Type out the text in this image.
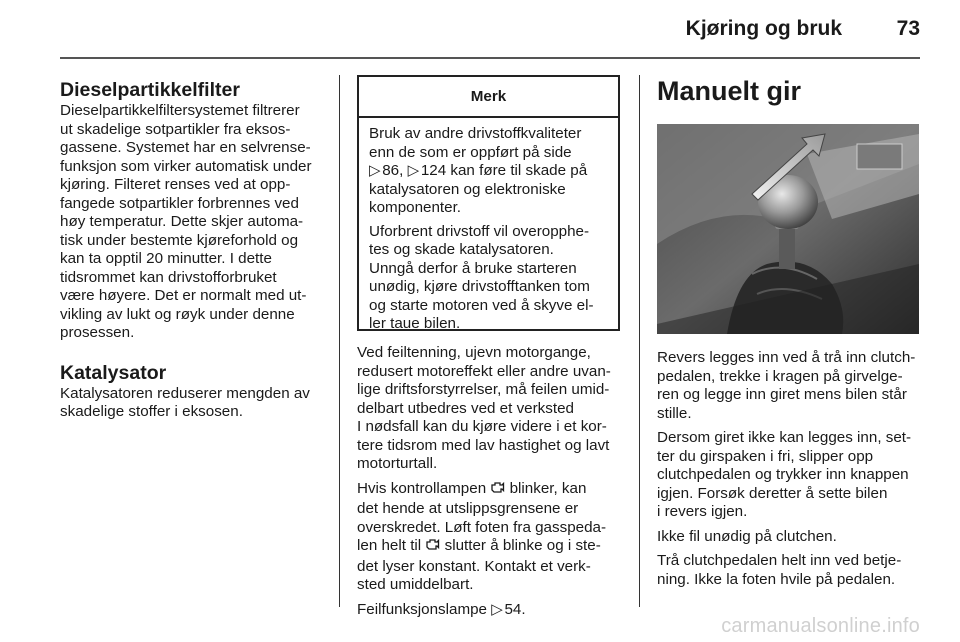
Kjøring og bruk	73
Dieselpartikkelfilter

Dieselpartikkelfiltersystemet filtrerer
ut skadelige sotpartikler fra eksos-
gassene. Systemet har en selvrense-
funksjon som virker automatisk under
kjøring. Filteret renses ved at opp-
fangede sotpartikler forbrennes ved
høy temperatur. Dette skjer automa-
tisk under bestemte kjøreforhold og
kan ta opptil 20 minutter. I dette
tidsrommet kan drivstofforbruket
være høyere. Det er normalt med ut-
vikling av lukt og røyk under denne
prosessen.

Katalysator

Katalysatoren reduserer mengden av
skadelige stoffer i eksosen.

Merk

Bruk av andre drivstoffkvaliteter
enn de som er oppført på side
▷ 86, ▷ 124 kan føre til skade på
katalysatoren og elektroniske
komponenter.

Uforbrent drivstoff vil overopphe-
tes og skade katalysatoren.
Unngå derfor å bruke starteren
unødig, kjøre drivstofftanken tom
og starte motoren ved å skyve el-
ler taue bilen.

Ved feiltenning, ujevn motorgange,
redusert motoreffekt eller andre uvan-
lige driftsforstyrrelser, må feilen umid-
delbart utbedres ved et verksted
I nødsfall kan du kjøre videre i et kor-
tere tidsrom med lav hastighet og lavt
motorturtall.

Hvis kontrollampen  blinker, kan
det hende at utslippsgrensene er
overskredet. Løft foten fra gasspeda-
len helt til  slutter å blinke og i ste-
det lyser konstant. Kontakt et verk-
sted umiddelbart.

Feilfunksjonslampe ▷ 54.

Manuelt gir

Revers legges inn ved å trå inn clutch-
pedalen, trekke i kragen på girvelge-
ren og legge inn giret mens bilen står
stille.

Dersom giret ikke kan legges inn, set-
ter du girspaken i fri, slipper opp
clutchpedalen og trykker inn knappen
igjen. Forsøk deretter å sette bilen
i revers igjen.

Ikke fil unødig på clutchen.

Trå clutchpedalen helt inn ved betje-
ning. Ikke la foten hvile på pedalen.

carmanualsonline.info
